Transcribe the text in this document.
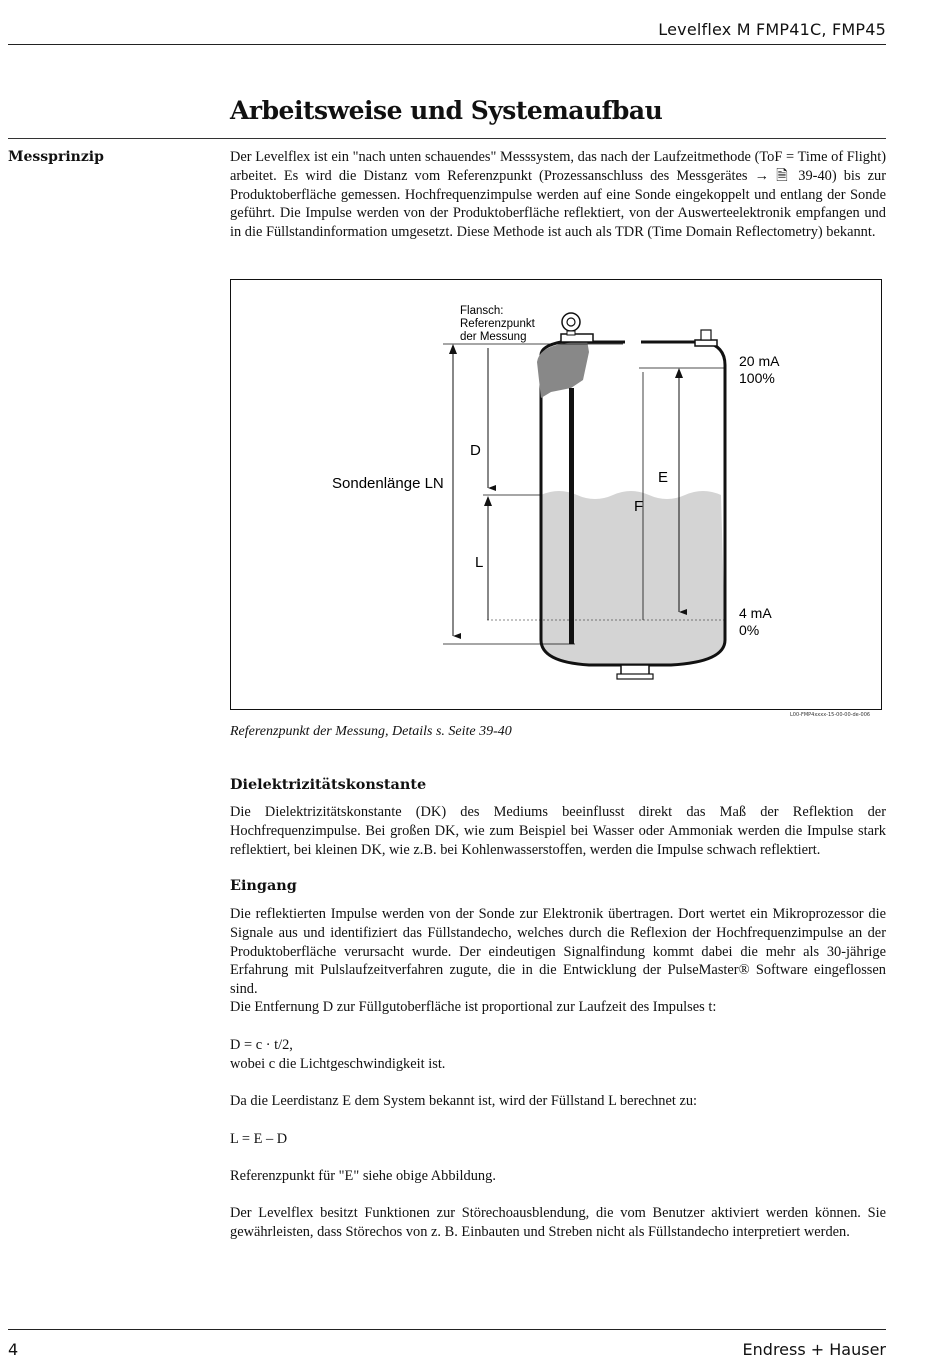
Levelflex M FMP41C, FMP45
Arbeitsweise und Systemaufbau
Messprinzip	Der Levelflex ist ein "nach unten schauendes" Messsystem, das nach der Laufzeitmethode (ToF = Time of Flight) arbeitet. Es wird die Distanz vom Referenzpunkt (Prozessanschluss des Messgerätes → 🗎 39-40) bis zur Produktoberfläche gemessen. Hochfrequenzimpulse werden auf eine Sonde eingekoppelt und entlang der Sonde geführt. Die Impulse werden von der Produktoberfläche reflektiert, von der Auswerteelektronik empfangen und in die Füllstandinformation umgesetzt. Diese Methode ist auch als TDR (Time Domain Reflectometry) bekannt.
Flansch:
Referenzpunkt
der Messung
20 mA
100%
4 mA
0%
D
E
F
L
Sondenlänge LN
L00-FMP4xxxx-15-00-00-de-006
Referenzpunkt der Messung, Details s. Seite 39-40
Dielektrizitätskonstante
Die Dielektrizitätskonstante (DK) des Mediums beeinflusst direkt das Maß der Reflektion der Hochfrequenzimpulse. Bei großen DK, wie zum Beispiel bei Wasser oder Ammoniak werden die Impulse stark reflektiert, bei kleinen DK, wie z.B. bei Kohlenwasserstoffen, werden die Impulse schwach reflektiert.
Eingang
Die reflektierten Impulse werden von der Sonde zur Elektronik übertragen. Dort wertet ein Mikroprozessor die Signale aus und identifiziert das Füllstandecho, welches durch die Reflexion der Hochfrequenzimpulse an der Produktoberfläche verursacht wurde. Der eindeutigen Signalfindung kommt dabei die mehr als 30-jährige Erfahrung mit Pulslaufzeitverfahren zugute, die in die Entwicklung der PulseMaster® Software eingeflossen sind.
Die Entfernung D zur Füllgutoberfläche ist proportional zur Laufzeit des Impulses t:
D = c · t/2,
wobei c die Lichtgeschwindigkeit ist.
Da die Leerdistanz E dem System bekannt ist, wird der Füllstand L berechnet zu:
L = E – D
Referenzpunkt für "E" siehe obige Abbildung.
Der Levelflex besitzt Funktionen zur Störechoausblendung, die vom Benutzer aktiviert werden können. Sie gewährleisten, dass Störechos von z. B. Einbauten und Streben nicht als Füllstandecho interpretiert werden.
4	Endress + Hauser
